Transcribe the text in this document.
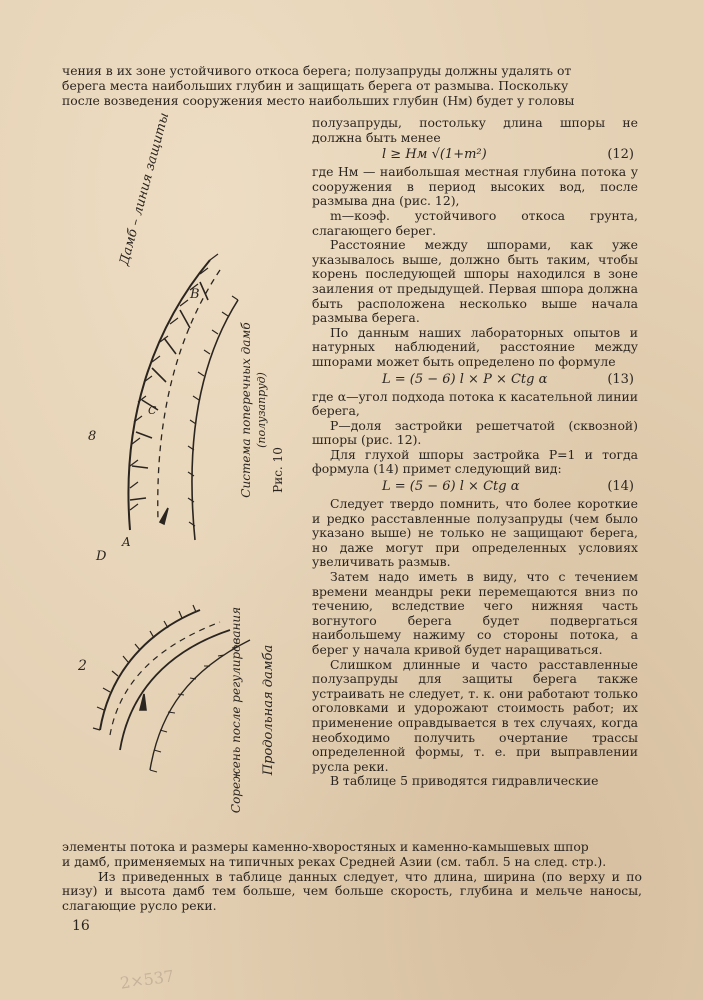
чения в их зоне устойчивого откоса берега; полузапруды должны удалять от
берега места наибольших глубин и защищать берега от размыва. Поскольку
после возведения сооружения место наибольших глубин (Hм) будет у головы

полузапруды, постольку длина шпоры не должна быть менее

l ≥ Hм √(1+m²)	(12)

где Hм — наибольшая местная глубина потока у сооружения в период высоких вод, после размыва дна (рис. 12),

m—коэф. устойчивого откоса грунта, слагающего берег.

Расстояние между шпорами, как уже указывалось выше, должно быть таким, чтобы корень последующей шпоры находился в зоне заиления от предыдущей. Первая шпора должна быть расположена несколько выше начала размыва берега.

По данным наших лабораторных опытов и натурных наблюдений, расстояние между шпорами может быть определено по формуле

L = (5 − 6) l × P × Ctg α	(13)

где α—угол подхода потока к касательной линии берега,

P—доля застройки решетчатой (сквозной) шпоры (рис. 12).

Для глухой шпоры застройка P=1 и тогда формула (14) примет следующий вид:

L = (5 − 6) l × Ctg α	(14)

Следует твердо помнить, что более короткие и редко расставленные полузапруды (чем было указано выше) не только не защищают берега, но даже могут при определенных условиях увеличивать размыв.

Затем надо иметь в виду, что с течением времени меандры реки перемещаются вниз по течению, вследствие чего нижняя часть вогнутого берега будет подвергаться наибольшему нажиму со стороны потока, а берег у начала кривой будет наращиваться.

Слишком длинные и часто расставленные полузапруды для защиты берега также устраивать не следует, т. к. они работают только оголовками и удорожают стоимость работ; их применение оправдывается в тех случаях, когда необходимо получить очертание трассы определенной формы, т. е. при выправлении русла реки.

В таблице 5 приводятся гидравлические

элементы потока и размеры каменно-хворостяных и каменно-камышевых шпор
и дамб, применяемых на типичных реках Средней Азии (см. табл. 5 на след. стр.).
Из приведенных в таблице данных следует, что длина, ширина (по верху и по низу) и высота дамб тем больше, чем больше скорость, глубина и мельче наносы, слагающие русло реки.
Рис. 10
Система поперечных дамб (полузапруд)
Дамб – линия защиты
Сорежень после регулирования Продольная дамба
B
8
C
A
D
2
16
2×537
